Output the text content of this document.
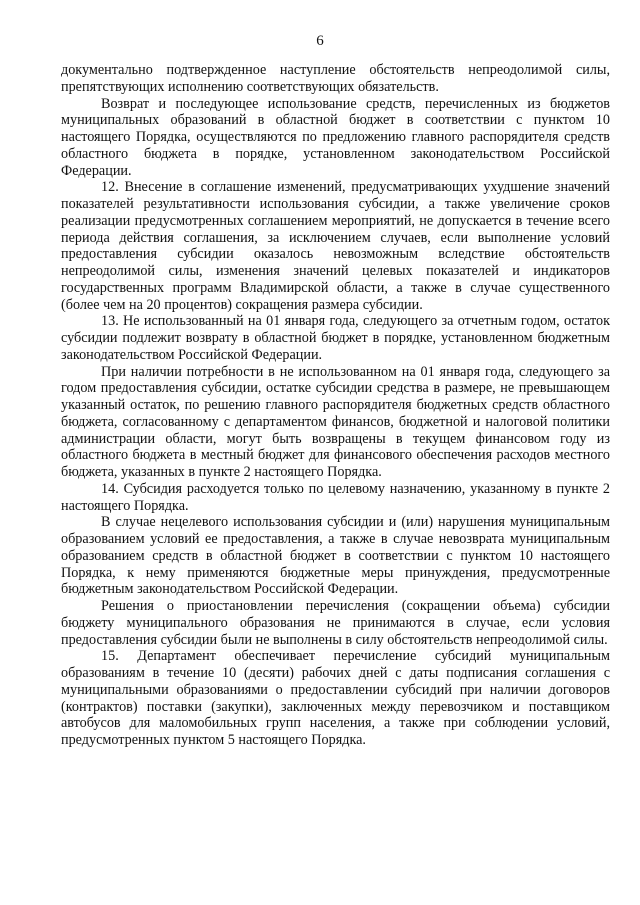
6

документально подтвержденное наступление обстоятельств непреодолимой силы, препятствующих исполнению соответствующих обязательств.

Возврат и последующее использование средств, перечисленных из бюджетов муниципальных образований в областной бюджет в соответствии с пунктом 10 настоящего Порядка, осуществляются по предложению главного распорядителя средств областного бюджета в порядке, установленном законодательством Российской Федерации.

12. Внесение в соглашение изменений, предусматривающих ухудшение значений показателей результативности использования субсидии, а также увеличение сроков реализации предусмотренных соглашением мероприятий, не допускается в течение всего периода действия соглашения, за исключением случаев, если выполнение условий предоставления субсидии оказалось невозможным вследствие обстоятельств непреодолимой силы, изменения значений целевых показателей и индикаторов государственных программ Владимирской области, а также в случае существенного (более чем на 20 процентов) сокращения размера субсидии.

13. Не использованный на 01 января года, следующего за отчетным годом, остаток субсидии подлежит возврату в областной бюджет в порядке, установленном бюджетным законодательством Российской Федерации.

При наличии потребности в не использованном на 01 января года, следующего за годом предоставления субсидии, остатке субсидии средства в размере, не превышающем указанный остаток, по решению главного распорядителя бюджетных средств областного бюджета, согласованному с департаментом финансов, бюджетной и налоговой политики администрации области, могут быть возвращены в текущем финансовом году из областного бюджета в местный бюджет для финансового обеспечения расходов местного бюджета, указанных в пункте 2 настоящего Порядка.

14. Субсидия расходуется только по целевому назначению, указанному в пункте 2 настоящего Порядка.

В случае нецелевого использования субсидии и (или) нарушения муниципальным образованием условий ее предоставления, а также в случае невозврата муниципальным образованием средств в областной бюджет в соответствии с пунктом 10 настоящего Порядка, к нему применяются бюджетные меры принуждения, предусмотренные бюджетным законодательством Российской Федерации.

Решения о приостановлении перечисления (сокращении объема) субсидии бюджету муниципального образования не принимаются в случае, если условия предоставления субсидии были не выполнены в силу обстоятельств непреодолимой силы.

15. Департамент обеспечивает перечисление субсидий муниципальным образованиям в течение 10 (десяти) рабочих дней с даты подписания соглашения с муниципальными образованиями о предоставлении субсидий при наличии договоров (контрактов) поставки (закупки), заключенных между перевозчиком и поставщиком автобусов для маломобильных групп населения, а также при соблюдении условий, предусмотренных пунктом 5 настоящего Порядка.
